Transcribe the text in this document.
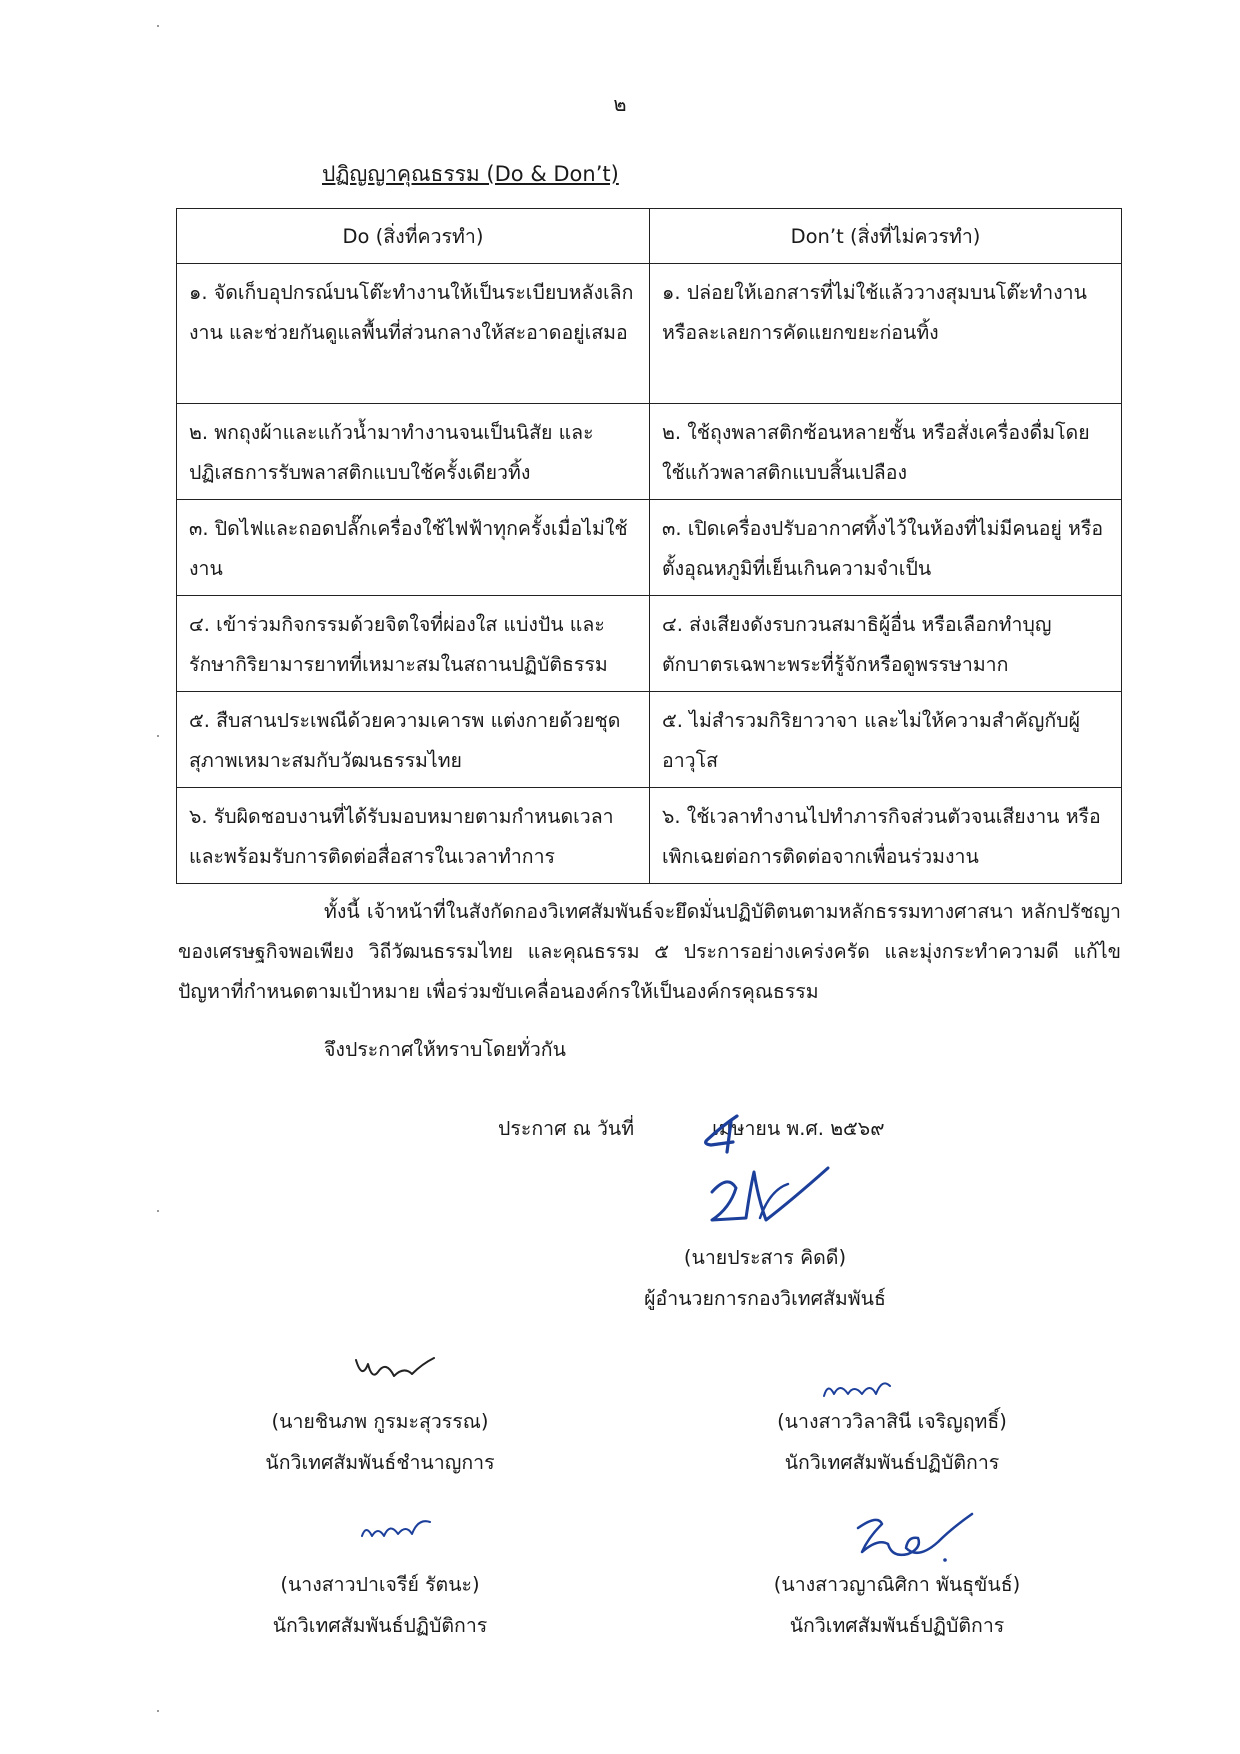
๒
ปฏิญญาคุณธรรม (Do & Don’t)
Do (สิ่งที่ควรทำ)	Don’t (สิ่งที่ไม่ควรทำ)
๑. จัดเก็บอุปกรณ์บนโต๊ะทำงานให้เป็นระเบียบหลังเลิกงาน และช่วยกันดูแลพื้นที่ส่วนกลางให้สะอาดอยู่เสมอ	๑. ปล่อยให้เอกสารที่ไม่ใช้แล้ววางสุมบนโต๊ะทำงาน หรือละเลยการคัดแยกขยะก่อนทิ้ง
๒. พกถุงผ้าและแก้วน้ำมาทำงานจนเป็นนิสัย และปฏิเสธการรับพลาสติกแบบใช้ครั้งเดียวทิ้ง	๒. ใช้ถุงพลาสติกซ้อนหลายชั้น หรือสั่งเครื่องดื่มโดยใช้แก้วพลาสติกแบบสิ้นเปลือง
๓. ปิดไฟและถอดปลั๊กเครื่องใช้ไฟฟ้าทุกครั้งเมื่อไม่ใช้งาน	๓. เปิดเครื่องปรับอากาศทิ้งไว้ในห้องที่ไม่มีคนอยู่ หรือตั้งอุณหภูมิที่เย็นเกินความจำเป็น
๔. เข้าร่วมกิจกรรมด้วยจิตใจที่ผ่องใส แบ่งปัน และรักษากิริยามารยาทที่เหมาะสมในสถานปฏิบัติธรรม	๔. ส่งเสียงดังรบกวนสมาธิผู้อื่น หรือเลือกทำบุญตักบาตรเฉพาะพระที่รู้จักหรือดูพรรษามาก
๕. สืบสานประเพณีด้วยความเคารพ แต่งกายด้วยชุดสุภาพเหมาะสมกับวัฒนธรรมไทย	๕. ไม่สำรวมกิริยาวาจา และไม่ให้ความสำคัญกับผู้อาวุโส
๖. รับผิดชอบงานที่ได้รับมอบหมายตามกำหนดเวลาและพร้อมรับการติดต่อสื่อสารในเวลาทำการ	๖. ใช้เวลาทำงานไปทำภารกิจส่วนตัวจนเสียงาน หรือเพิกเฉยต่อการติดต่อจากเพื่อนร่วมงาน
ทั้งนี้ เจ้าหน้าที่ในสังกัดกองวิเทศสัมพันธ์จะยึดมั่นปฏิบัติตนตามหลักธรรมทางศาสนา หลักปรัชญาของเศรษฐกิจพอเพียง วิถีวัฒนธรรมไทย และคุณธรรม ๕ ประการอย่างเคร่งครัด และมุ่งกระทำความดี แก้ไขปัญหาที่กำหนดตามเป้าหมาย เพื่อร่วมขับเคลื่อนองค์กรให้เป็นองค์กรคุณธรรม
จึงประกาศให้ทราบโดยทั่วกัน
ประกาศ ณ วันที่	เมษายน พ.ศ. ๒๕๖๙
(นายประสาร คิดดี)
ผู้อำนวยการกองวิเทศสัมพันธ์
(นายชินภพ กูรมะสุวรรณ)
นักวิเทศสัมพันธ์ชำนาญการ
(นางสาววิลาสินี เจริญฤทธิ์)
นักวิเทศสัมพันธ์ปฏิบัติการ
(นางสาวปาเจรีย์ รัตนะ)
นักวิเทศสัมพันธ์ปฏิบัติการ
(นางสาวญาณิศิกา พันธุขันธ์)
นักวิเทศสัมพันธ์ปฏิบัติการ
